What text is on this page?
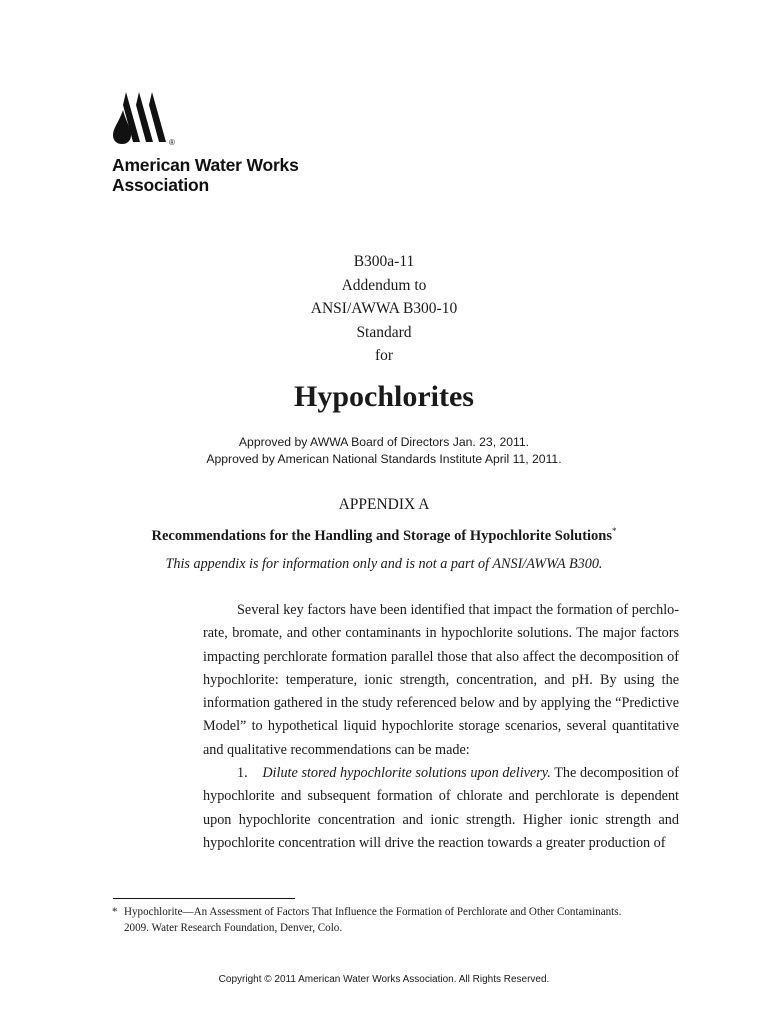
®
American Water Works
Association
B300a-11
Addendum to
ANSI/AWWA B300-10
Standard
for
Hypochlorites
Approved by AWWA Board of Directors Jan. 23, 2011.
Approved by American National Standards Institute April 11, 2011.
APPENDIX A
Recommendations for the Handling and Storage of Hypochlorite Solutions*
This appendix is for information only and is not a part of ANSI/AWWA B300.

Several key factors have been identified that impact the formation of perchlorate, bromate, and other contaminants in hypochlorite solutions. The major factors impacting perchlorate formation parallel those that also affect the decomposition of hypochlorite: temperature, ionic strength, concentration, and pH. By using the information gathered in the study referenced below and by applying the “Predictive Model” to hypothetical liquid hypochlorite storage scenarios, several quantitative and qualitative recommendations can be made:

1. Dilute stored hypochlorite solutions upon delivery. The decomposition of hypochlorite and subsequent formation of chlorate and perchlorate is dependent upon hypochlorite concentration and ionic strength. Higher ionic strength and hypochlorite concentration will drive the reaction towards a greater production of

* Hypochlorite—An Assessment of Factors That Influence the Formation of Perchlorate and Other Contaminants.
2009. Water Research Foundation, Denver, Colo.
Copyright © 2011 American Water Works Association. All Rights Reserved.
